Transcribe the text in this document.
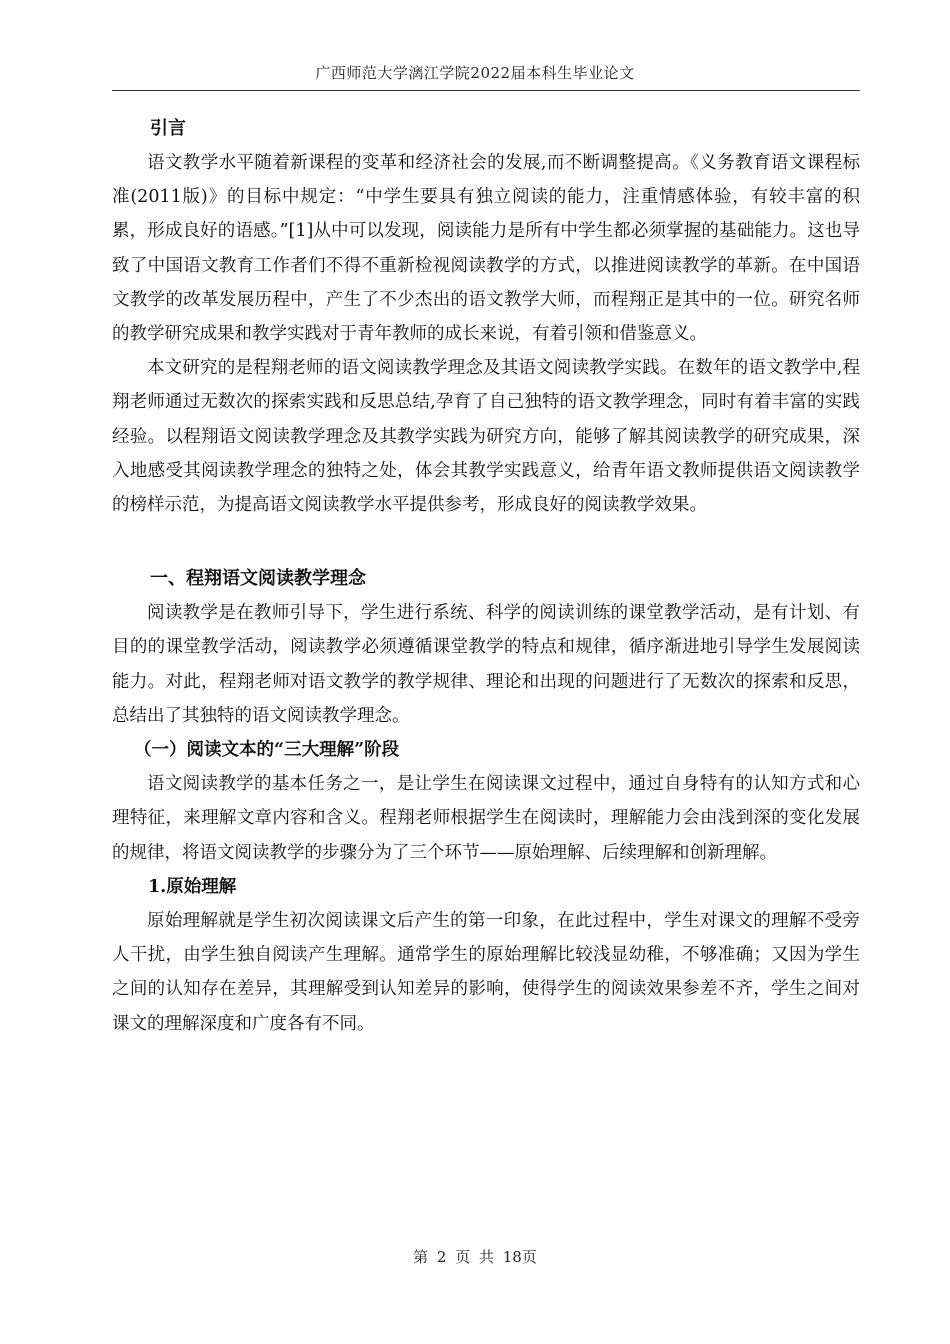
广西师范大学漓江学院2022届本科生毕业论文
引言

语文教学水平随着新课程的变革和经济社会的发展,而不断调整提高。《义务教育语文课程标准(2011版)》的目标中规定：“中学生要具有独立阅读的能力，注重情感体验，有较丰富的积累，形成良好的语感。”[1]从中可以发现，阅读能力是所有中学生都必须掌握的基础能力。这也导致了中国语文教育工作者们不得不重新检视阅读教学的方式，以推进阅读教学的革新。在中国语文教学的改革发展历程中，产生了不少杰出的语文教学大师，而程翔正是其中的一位。研究名师的教学研究成果和教学实践对于青年教师的成长来说，有着引领和借鉴意义。

本文研究的是程翔老师的语文阅读教学理念及其语文阅读教学实践。在数年的语文教学中,程翔老师通过无数次的探索实践和反思总结,孕育了自己独特的语文教学理念，同时有着丰富的实践经验。以程翔语文阅读教学理念及其教学实践为研究方向，能够了解其阅读教学的研究成果，深入地感受其阅读教学理念的独特之处，体会其教学实践意义，给青年语文教师提供语文阅读教学的榜样示范，为提高语文阅读教学水平提供参考，形成良好的阅读教学效果。

一、程翔语文阅读教学理念

阅读教学是在教师引导下，学生进行系统、科学的阅读训练的课堂教学活动，是有计划、有目的的课堂教学活动，阅读教学必须遵循课堂教学的特点和规律，循序渐进地引导学生发展阅读能力。对此，程翔老师对语文教学的教学规律、理论和出现的问题进行了无数次的探索和反思，总结出了其独特的语文阅读教学理念。

（一）阅读文本的“三大理解”阶段

语文阅读教学的基本任务之一，是让学生在阅读课文过程中，通过自身特有的认知方式和心理特征，来理解文章内容和含义。程翔老师根据学生在阅读时，理解能力会由浅到深的变化发展的规律，将语文阅读教学的步骤分为了三个环节——原始理解、后续理解和创新理解。

1.原始理解

原始理解就是学生初次阅读课文后产生的第一印象，在此过程中，学生对课文的理解不受旁人干扰，由学生独自阅读产生理解。通常学生的原始理解比较浅显幼稚，不够准确；又因为学生之间的认知存在差异，其理解受到认知差异的影响，使得学生的阅读效果参差不齐，学生之间对课文的理解深度和广度各有不同。

第 2 页 共 18页
